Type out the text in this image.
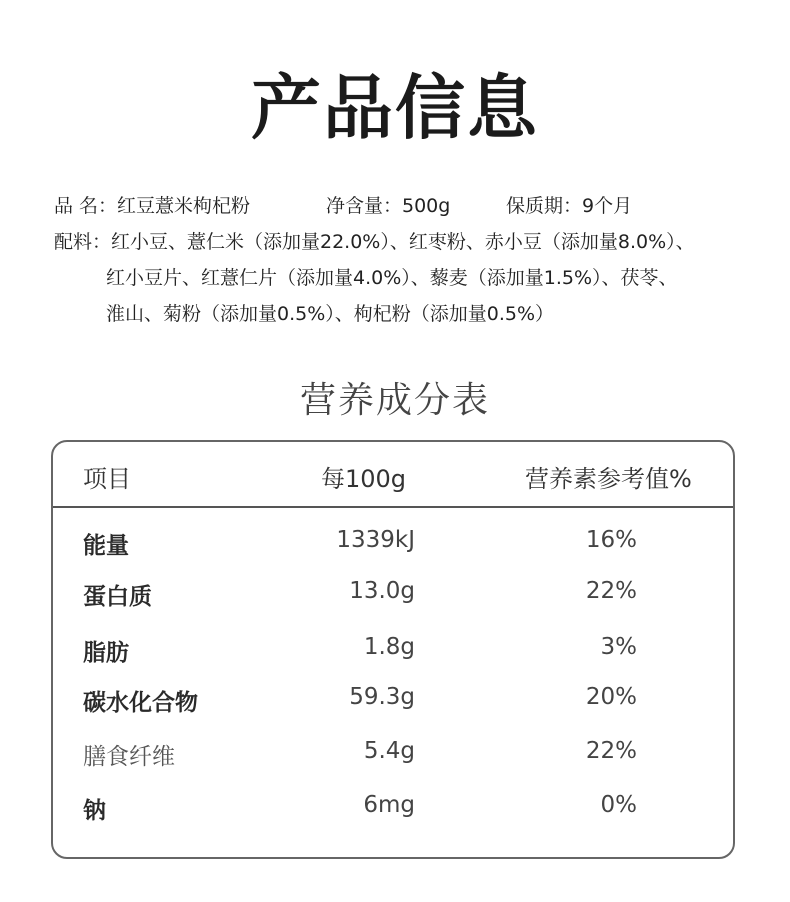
产品信息
品 名：红豆薏米枸杞粉	净含量：500g	保质期：9个月
配料：红小豆、薏仁米（添加量22.0%）、红枣粉、赤小豆（添加量8.0%）、
红小豆片、红薏仁片（添加量4.0%）、藜麦（添加量1.5%）、茯苓、
淮山、菊粉（添加量0.5%）、枸杞粉（添加量0.5%）
营养成分表
项目	每100g	营养素参考值%
能量	1339kJ	16%
蛋白质	13.0g	22%
脂肪	1.8g	3%
碳水化合物	59.3g	20%
膳食纤维	5.4g	22%
钠	6mg	0%
